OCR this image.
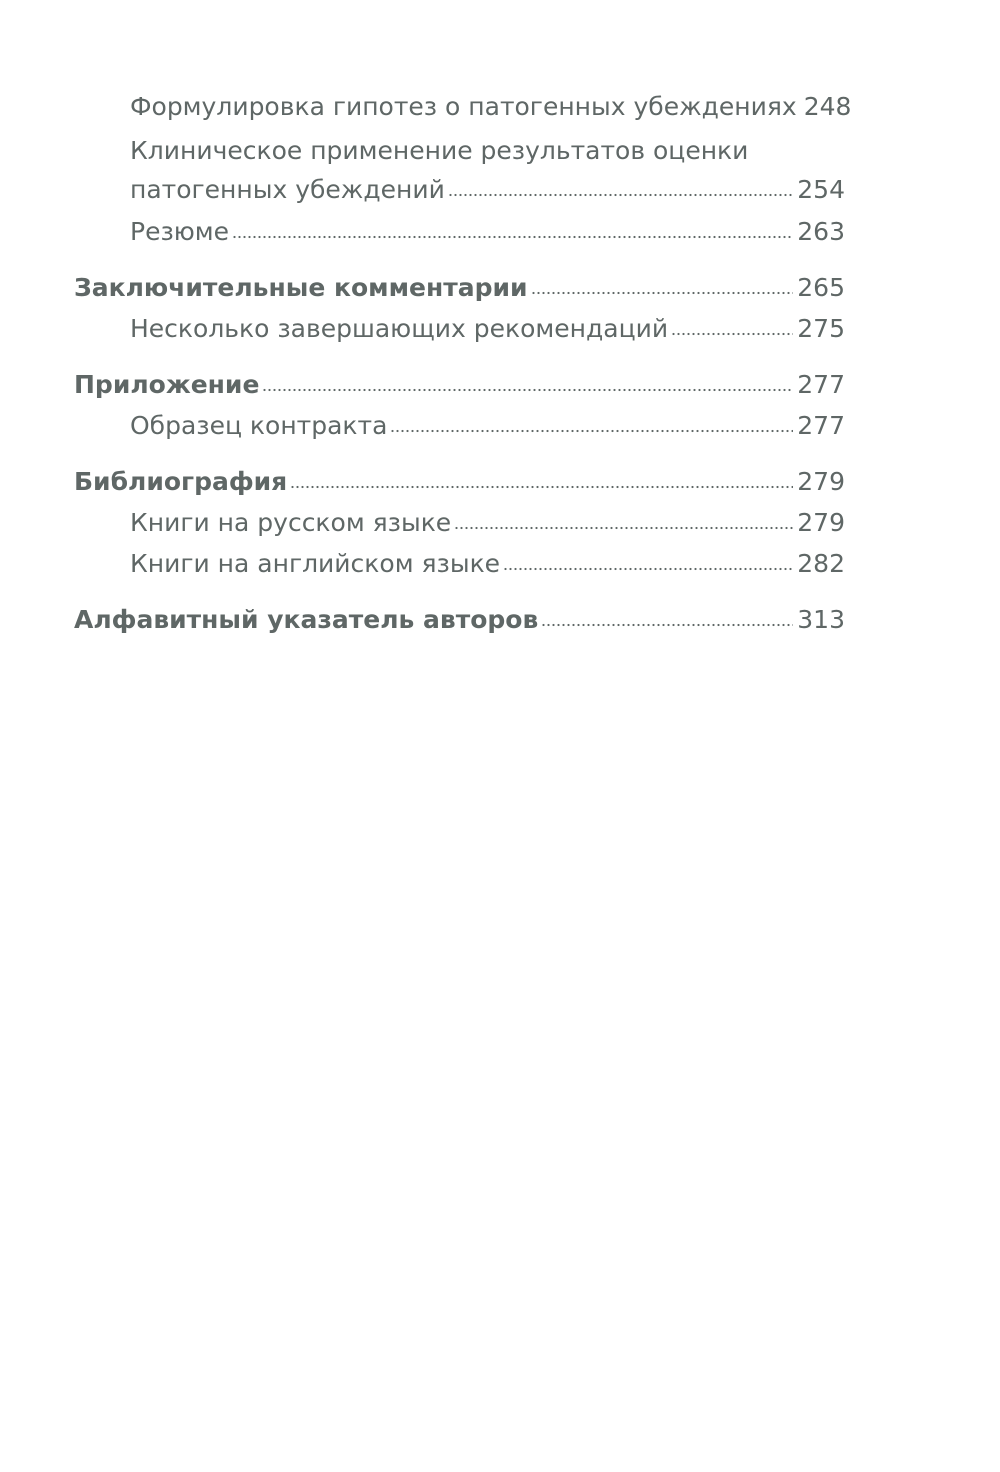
Формулировка гипотез о патогенных убеждениях 248
Клиническое применение результатов оценки
патогенных убеждений	254
Резюме	263
Заключительные комментарии	265
Несколько завершающих рекомендаций	275
Приложение	277
Образец контракта	277
Библиография	279
Книги на русском языке	279
Книги на английском языке	282
Алфавитный указатель авторов	313
